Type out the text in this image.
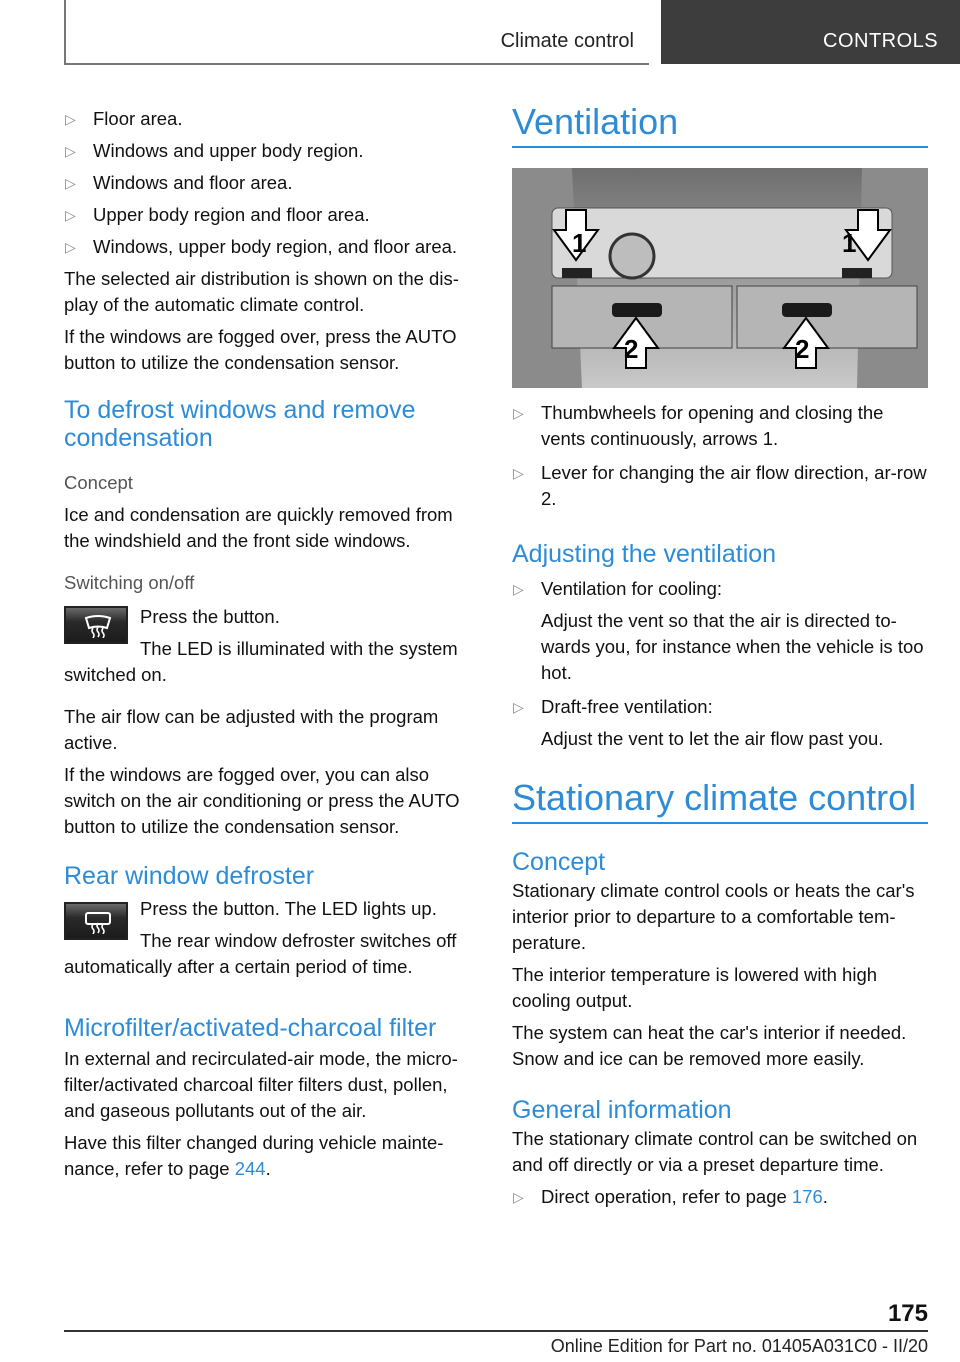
Climate control	CONTROLS
▷ Floor area.
▷ Windows and upper body region.
▷ Windows and floor area.
▷ Upper body region and floor area.
▷ Windows, upper body region, and floor area.

The selected air distribution is shown on the dis-play of the automatic climate control.

If the windows are fogged over, press the AUTO button to utilize the condensation sensor.

To defrost windows and remove
condensation
Concept

Ice and condensation are quickly removed from the windshield and the front side windows.

Switching on/off

Press the button.

The LED is illuminated with the system

switched on.

The air flow can be adjusted with the program active.

If the windows are fogged over, you can also switch on the air conditioning or press the AUTO button to utilize the condensation sensor.

Rear window defroster

Press the button. The LED lights up.

The rear window defroster switches off

automatically after a certain period of time.

Microfilter/activated-charcoal filter

In external and recirculated-air mode, the micro-filter/activated charcoal filter filters dust, pollen, and gaseous pollutants out of the air.

Have this filter changed during vehicle mainte-nance, refer to page 244.

Ventilation
1	1
2	2
▷ Thumbwheels for opening and closing the vents continuously, arrows 1.
▷ Lever for changing the air flow direction, ar-row 2.
Adjusting the ventilation
▷ Ventilation for cooling:
Adjust the vent so that the air is directed to-wards you, for instance when the vehicle is too hot.
▷ Draft-free ventilation:
Adjust the vent to let the air flow past you.
Stationary climate control
Concept

Stationary climate control cools or heats the car's interior prior to departure to a comfortable tem-perature.

The interior temperature is lowered with high cooling output.

The system can heat the car's interior if needed. Snow and ice can be removed more easily.

General information

The stationary climate control can be switched on and off directly or via a preset departure time.

▷ Direct operation, refer to page 176.
175
Online Edition for Part no. 01405A031C0 - II/20
